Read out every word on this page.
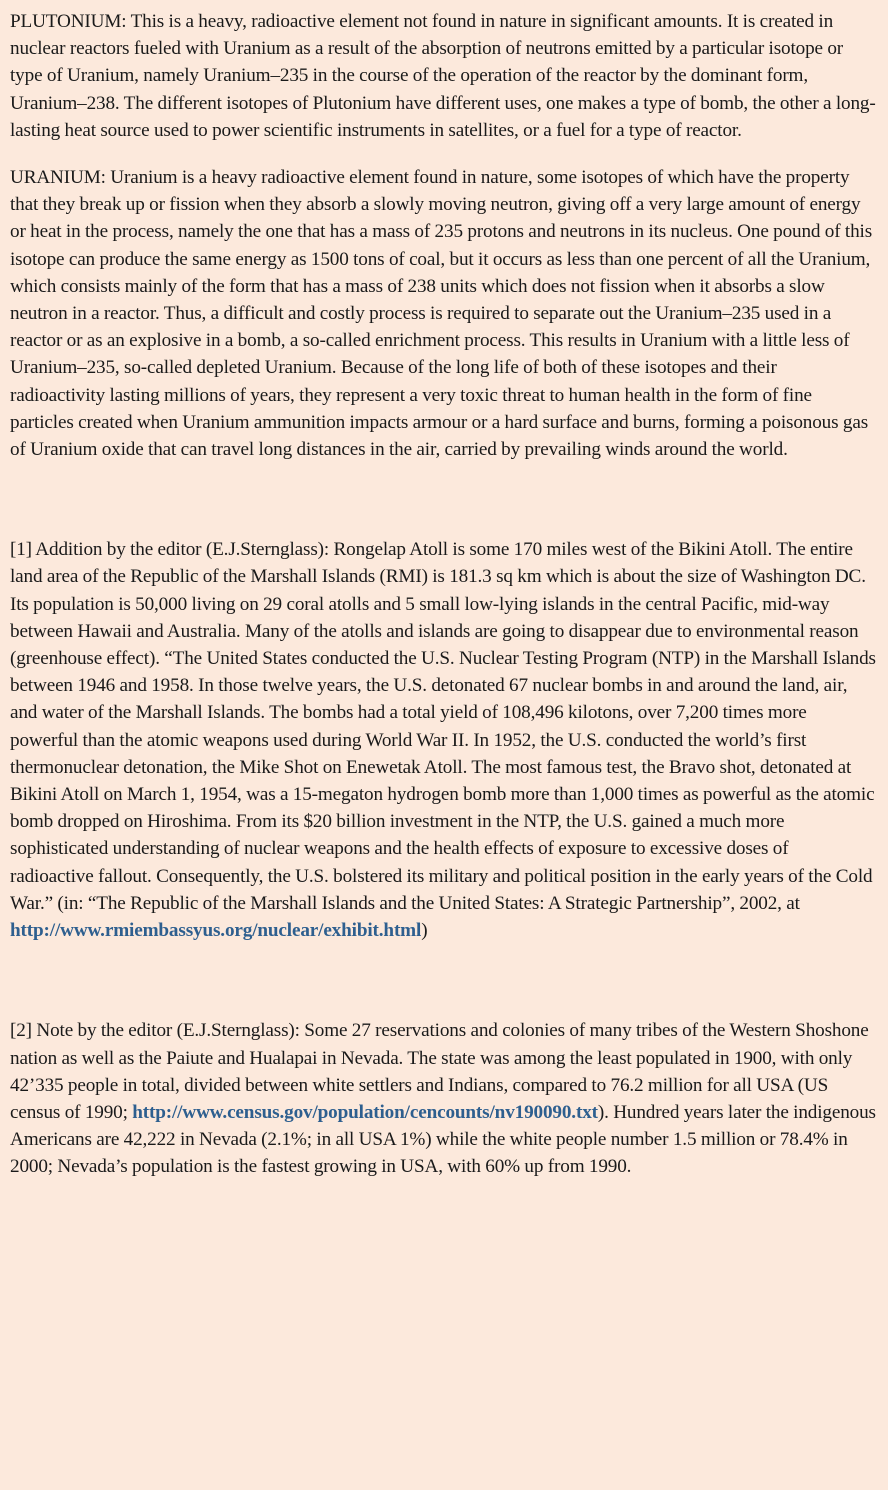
PLUTONIUM: This is a heavy, radioactive element not found in nature in significant amounts. It is created in nuclear reactors fueled with Uranium as a result of the absorption of neutrons emitted by a particular isotope or type of Uranium, namely Uranium–235 in the course of the operation of the reactor by the dominant form, Uranium–238. The different isotopes of Plutonium have different uses, one makes a type of bomb, the other a long-lasting heat source used to power scientific instruments in satellites, or a fuel for a type of reactor.

URANIUM: Uranium is a heavy radioactive element found in nature, some isotopes of which have the property that they break up or fission when they absorb a slowly moving neutron, giving off a very large amount of energy or heat in the process, namely the one that has a mass of 235 protons and neutrons in its nucleus. One pound of this isotope can produce the same energy as 1500 tons of coal, but it occurs as less than one percent of all the Uranium, which consists mainly of the form that has a mass of 238 units which does not fission when it absorbs a slow neutron in a reactor. Thus, a difficult and costly process is required to separate out the Uranium–235 used in a reactor or as an explosive in a bomb, a so-called enrichment process. This results in Uranium with a little less of Uranium–235, so-called depleted Uranium. Because of the long life of both of these isotopes and their radioactivity lasting millions of years, they represent a very toxic threat to human health in the form of fine particles created when Uranium ammunition impacts armour or a hard surface and burns, forming a poisonous gas of Uranium oxide that can travel long distances in the air, carried by prevailing winds around the world.

[1] Addition by the editor (E.J.Sternglass): Rongelap Atoll is some 170 miles west of the Bikini Atoll. The entire land area of the Republic of the Marshall Islands (RMI) is 181.3 sq km which is about the size of Washington DC. Its population is 50,000 living on 29 coral atolls and 5 small low-lying islands in the central Pacific, mid-way between Hawaii and Australia. Many of the atolls and islands are going to disappear due to environmental reason (greenhouse effect). “The United States conducted the U.S. Nuclear Testing Program (NTP) in the Marshall Islands between 1946 and 1958. In those twelve years, the U.S. detonated 67 nuclear bombs in and around the land, air, and water of the Marshall Islands. The bombs had a total yield of 108,496 kilotons, over 7,200 times more powerful than the atomic weapons used during World War II. In 1952, the U.S. conducted the world’s first thermonuclear detonation, the Mike Shot on Enewetak Atoll. The most famous test, the Bravo shot, detonated at Bikini Atoll on March 1, 1954, was a 15-megaton hydrogen bomb more than 1,000 times as powerful as the atomic bomb dropped on Hiroshima. From its $20 billion investment in the NTP, the U.S. gained a much more sophisticated understanding of nuclear weapons and the health effects of exposure to excessive doses of radioactive fallout. Consequently, the U.S. bolstered its military and political position in the early years of the Cold War.” (in: “The Republic of the Marshall Islands and the United States: A Strategic Partnership”, 2002, at http://www.rmiembassyus.org/nuclear/exhibit.html)

[2] Note by the editor (E.J.Sternglass): Some 27 reservations and colonies of many tribes of the Western Shoshone nation as well as the Paiute and Hualapai in Nevada. The state was among the least populated in 1900, with only 42’335 people in total, divided between white settlers and Indians, compared to 76.2 million for all USA (US census of 1990; http://www.census.gov/population/cencounts/nv190090.txt). Hundred years later the indigenous Americans are 42,222 in Nevada (2.1%; in all USA 1%) while the white people number 1.5 million or 78.4% in 2000; Nevada’s population is the fastest growing in USA, with 60% up from 1990.
